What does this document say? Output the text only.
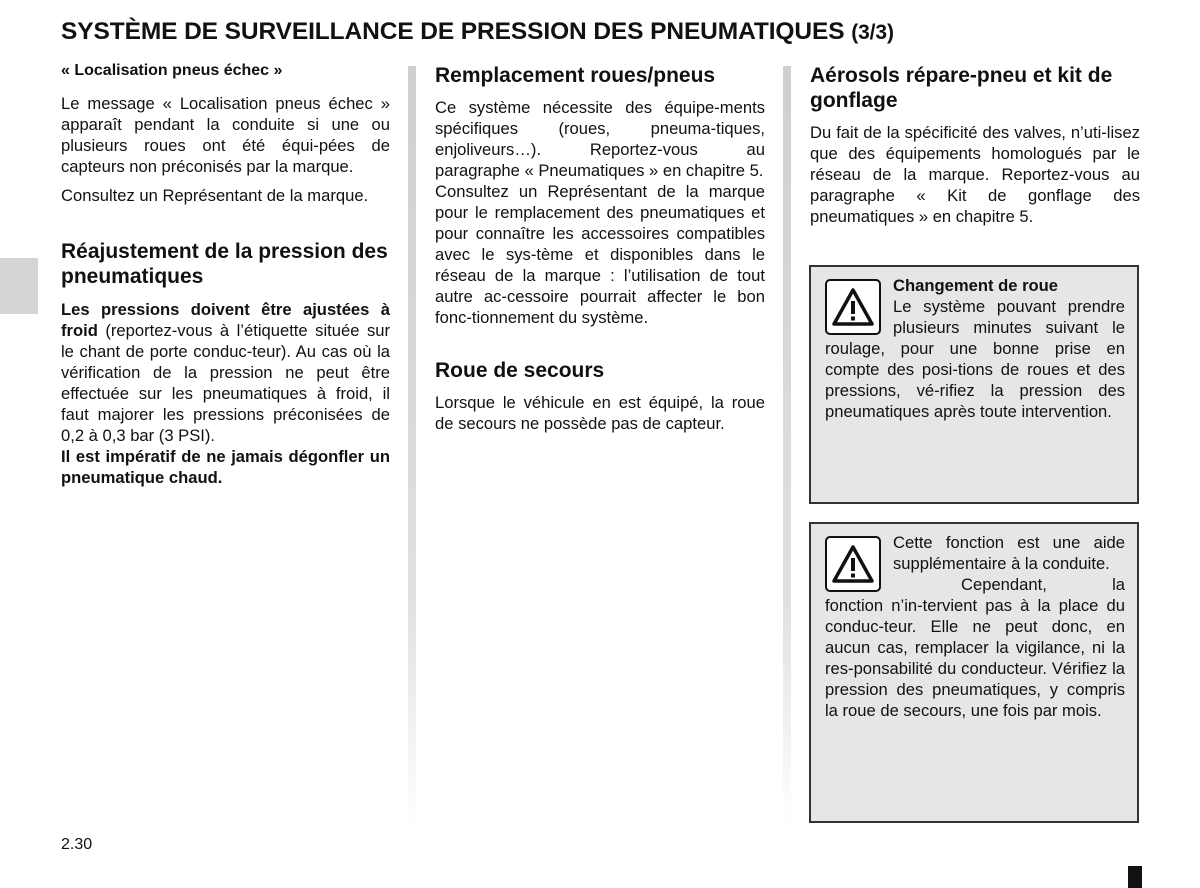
SYSTÈME DE SURVEILLANCE DE PRESSION DES PNEUMATIQUES (3/3)
« Localisation pneus échec »

Le message « Localisation pneus échec » apparaît pendant la conduite si une ou plusieurs roues ont été équi-pées de capteurs non préconisés par la marque.

Consultez un Représentant de la marque.

Réajustement de la pression des pneumatiques

Les pressions doivent être ajustées à froid (reportez-vous à l’étiquette située sur le chant de porte conduc-teur). Au cas où la vérification de la pression ne peut être effectuée sur les pneumatiques à froid, il faut majorer les pressions préconisées de 0,2 à 0,3 bar (3 PSI).

Il est impératif de ne jamais dégonfler un pneumatique chaud.

Remplacement roues/pneus

Ce système nécessite des équipe-ments spécifiques (roues, pneuma-tiques, enjoliveurs…). Reportez-vous au paragraphe « Pneumatiques » en chapitre 5.

Consultez un Représentant de la marque pour le remplacement des pneumatiques et pour connaître les accessoires compatibles avec le sys-tème et disponibles dans le réseau de la marque : l’utilisation de tout autre ac-cessoire pourrait affecter le bon fonc-tionnement du système.

Roue de secours

Lorsque le véhicule en est équipé, la roue de secours ne possède pas de capteur.

Aérosols répare-pneu et kit de gonflage

Du fait de la spécificité des valves, n’uti-lisez que des équipements homologués par le réseau de la marque. Reportez-vous au paragraphe « Kit de gonflage des pneumatiques » en chapitre 5.

Changement de roue

Le système pouvant prendre plusieurs minutes suivant le roulage, pour une bonne prise en compte des posi-tions de roues et des pressions, vé-rifiez la pression des pneumatiques après toute intervention.

Cette fonction est une aide supplémentaire à la conduite.

Cependant, la fonction n’in-tervient pas à la place du conduc-teur. Elle ne peut donc, en aucun cas, remplacer la vigilance, ni la res-ponsabilité du conducteur. Vérifiez la pression des pneumatiques, y compris la roue de secours, une fois par mois.

2.30
